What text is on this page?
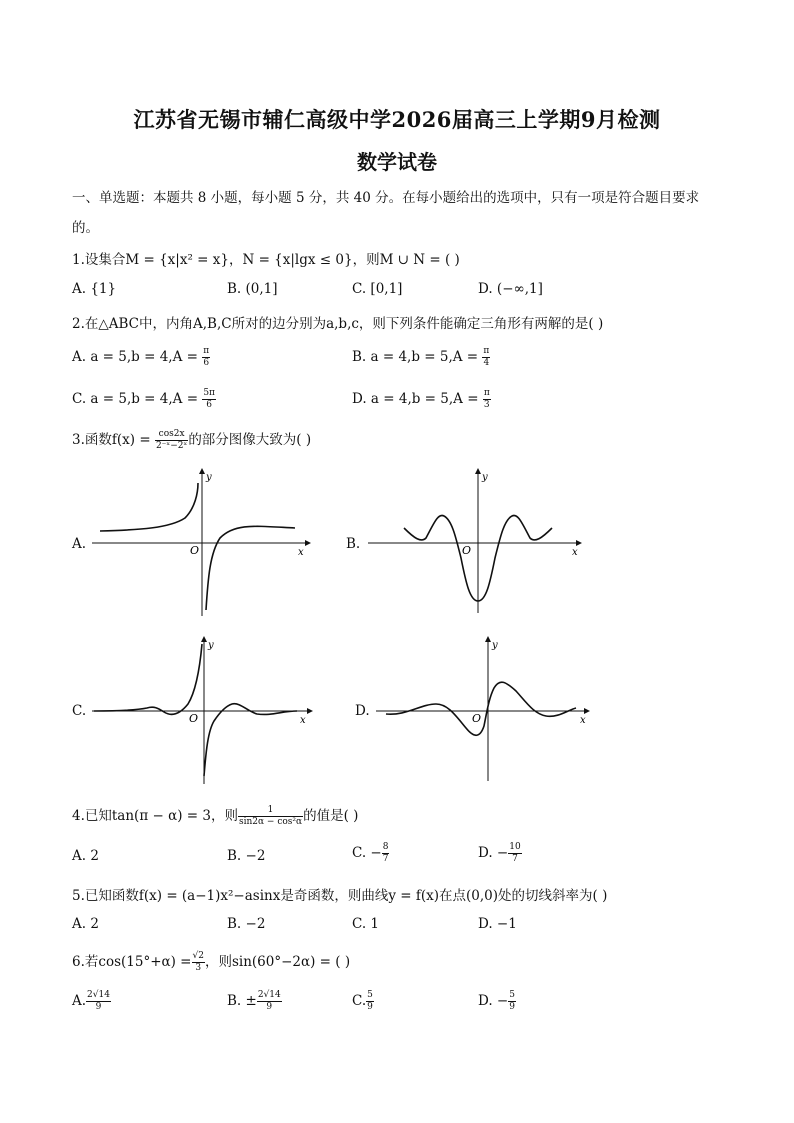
江苏省无锡市辅仁高级中学2026届高三上学期9月检测
数学试卷
一、单选题：本题共 8 小题，每小题 5 分，共 40 分。在每小题给出的选项中，只有一项是符合题目要求
的。
1.设集合M = {x|x² = x}，N = {x|lgx ≤ 0}，则M ∪ N = ( )
A. {1}	B. (0,1]	C. [0,1]	D. (−∞,1]
2.在△ABC中，内角A,B,C所对的边分别为a,b,c，则下列条件能确定三角形有两解的是( )
A. $a = 5,b = 4,A = \frac{\pi}{6}$	B. $a = 4,b = 5,A = \frac{\pi}{4}$
C. $a = 5,b = 4,A = \frac{5\pi}{6}$	D. $a = 4,b = 5,A = \frac{\pi}{3}$
3.函数$f(x) = \frac{\cos 2x}{\text{2⁻ˣ−2ˣ}}$ 的部分图像大致为( )
A.	O	x
y
B.	O	x
y
C.	O	x
y
D.	O	x
y
4.已知tan(π − α) = 3，则 $\frac{1}{\text{sin2α − cos²α}}$ 的值是( )
A. 2	B. −2	C. − $\frac{8}{7}$	D. − $\frac{10}{7}$
5.已知函数f(x) = (a−1)x²−asinx是奇函数，则曲线y = f(x)在点(0,0)处的切线斜率为( )
A. 2	B. −2	C. 1	D. −1
6.若$\cos(15^\circ+\alpha) = \frac{√2}{3}$ ，则sin(60°−2α) = ( )
A. $\frac{2√14}{9}$	B. ± $\frac{2√14}{9}$	C. $\frac{5}{9}$	D. − $\frac{5}{9}$
